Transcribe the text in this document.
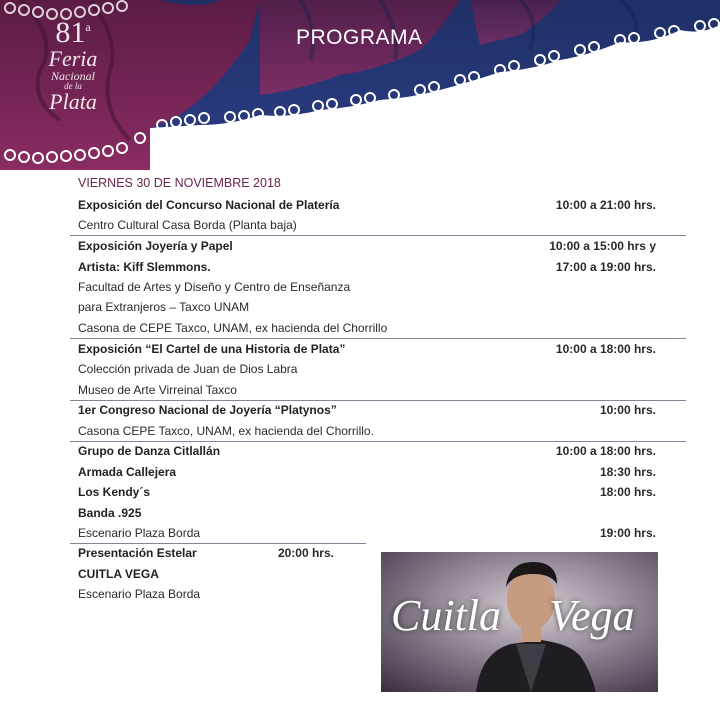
81$^a$
Feria
Nacional
de la
Plata
PROGRAMA
VIERNES 30 DE NOVIEMBRE 2018
Exposición del Concurso Nacional de Platería	10:00 a 21:00 hrs.
Centro Cultural Casa Borda (Planta baja)
Exposición Joyería y Papel	10:00 a 15:00 hrs y
Artista: Kiff Slemmons.	17:00 a 19:00 hrs.
Facultad de Artes y Diseño y Centro de Enseñanza
para Extranjeros – Taxco UNAM
Casona de CEPE Taxco, UNAM, ex hacienda del Chorrillo
Exposición “El Cartel de una Historia de Plata”	10:00 a 18:00 hrs.
Colección privada de Juan de Dios Labra
Museo de Arte Virreinal Taxco
1er Congreso Nacional de Joyería “Platynos”	10:00 hrs.
Casona CEPE Taxco, UNAM, ex hacienda del Chorrillo.
Grupo de Danza Citlallán	10:00 a 18:00 hrs.
Armada Callejera	18:30 hrs.
Los Kendy´s	18:00 hrs.
Banda .925
Escenario Plaza Borda	19:00 hrs.
Presentación Estelar	20:00 hrs.
CUITLA VEGA
Escenario Plaza Borda	Cuitla Vega
